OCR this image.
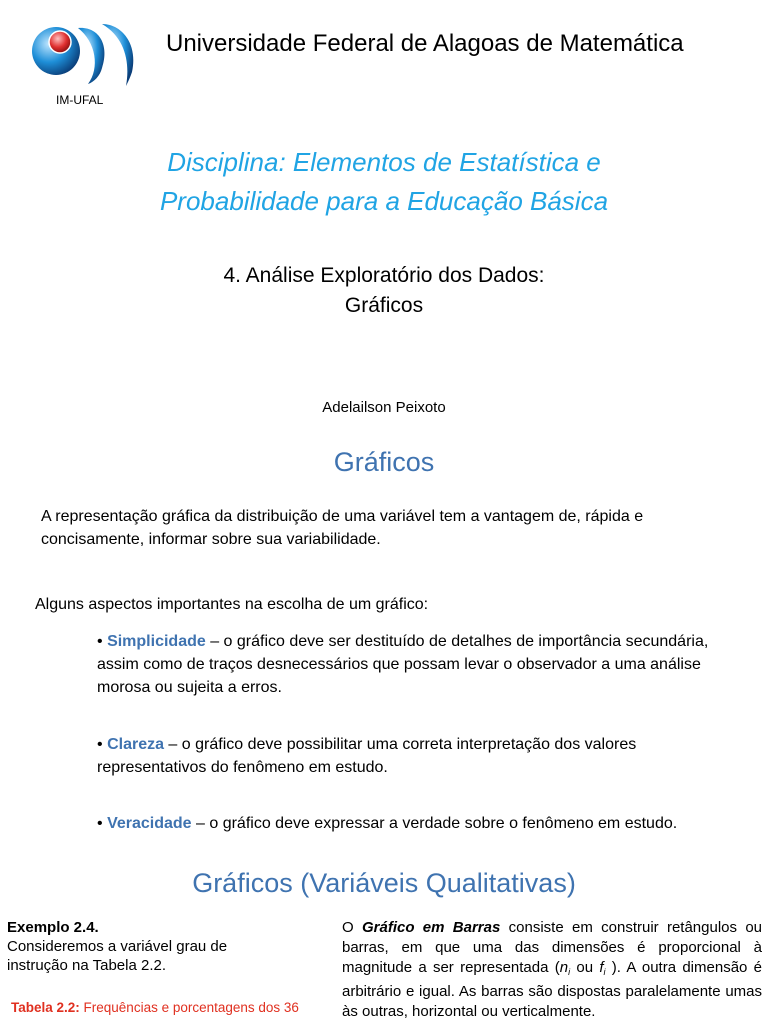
IM-UFAL
Universidade Federal de Alagoas de Matemática
Disciplina: Elementos de Estatística e
Probabilidade para a Educação Básica
4. Análise Exploratório dos Dados:
Gráficos
Adelailson Peixoto
Gráficos
A representação gráfica da distribuição de uma variável tem a vantagem de, rápida e
concisamente, informar sobre sua variabilidade.
Alguns aspectos importantes na escolha de um gráfico:
• Simplicidade – o gráfico deve ser destituído de detalhes de importância secundária, assim como de traços desnecessários que possam levar o observador a uma análise morosa ou sujeita a erros.
• Clareza – o gráfico deve possibilitar uma correta interpretação dos valores representativos do fenômeno em estudo.
• Veracidade – o gráfico deve expressar a verdade sobre o fenômeno em estudo.
Gráficos (Variáveis Qualitativas)
Exemplo 2.4.
Consideremos a variável grau de
instrução na Tabela 2.2.
Tabela 2.2: Frequências e porcentagens dos 36
O Gráfico em Barras consiste em construir retângulos ou barras, em que uma das dimensões é proporcional à magnitude a ser representada ($n_i$ ou $f_i$ ). A outra dimensão é arbitrário e igual. As barras são dispostas paralelamente umas às outras, horizontal ou verticalmente.
